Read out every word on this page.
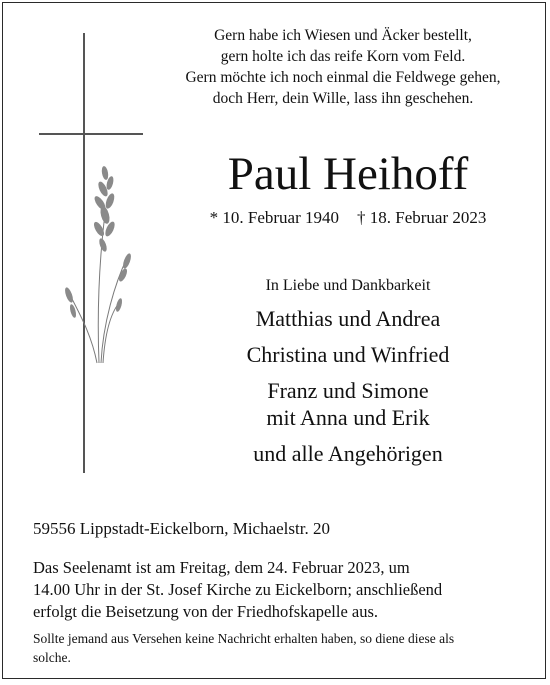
Gern habe ich Wiesen und Äcker bestellt,
gern holte ich das reife Korn vom Feld.
Gern möchte ich noch einmal die Feldwege gehen,
doch Herr, dein Wille, lass ihn geschehen.
Paul Heihoff
* 10. Februar 1940 † 18. Februar 2023
In Liebe und Dankbarkeit
Matthias und Andrea
Christina und Winfried
Franz und Simone
mit Anna und Erik
und alle Angehörigen
59556 Lippstadt-Eickelborn, Michaelstr. 20
Das Seelenamt ist am Freitag, dem 24. Februar 2023, um
14.00 Uhr in der St. Josef Kirche zu Eickelborn; anschließend
erfolgt die Beisetzung von der Friedhofskapelle aus.
Sollte jemand aus Versehen keine Nachricht erhalten haben, so diene diese als
solche.
